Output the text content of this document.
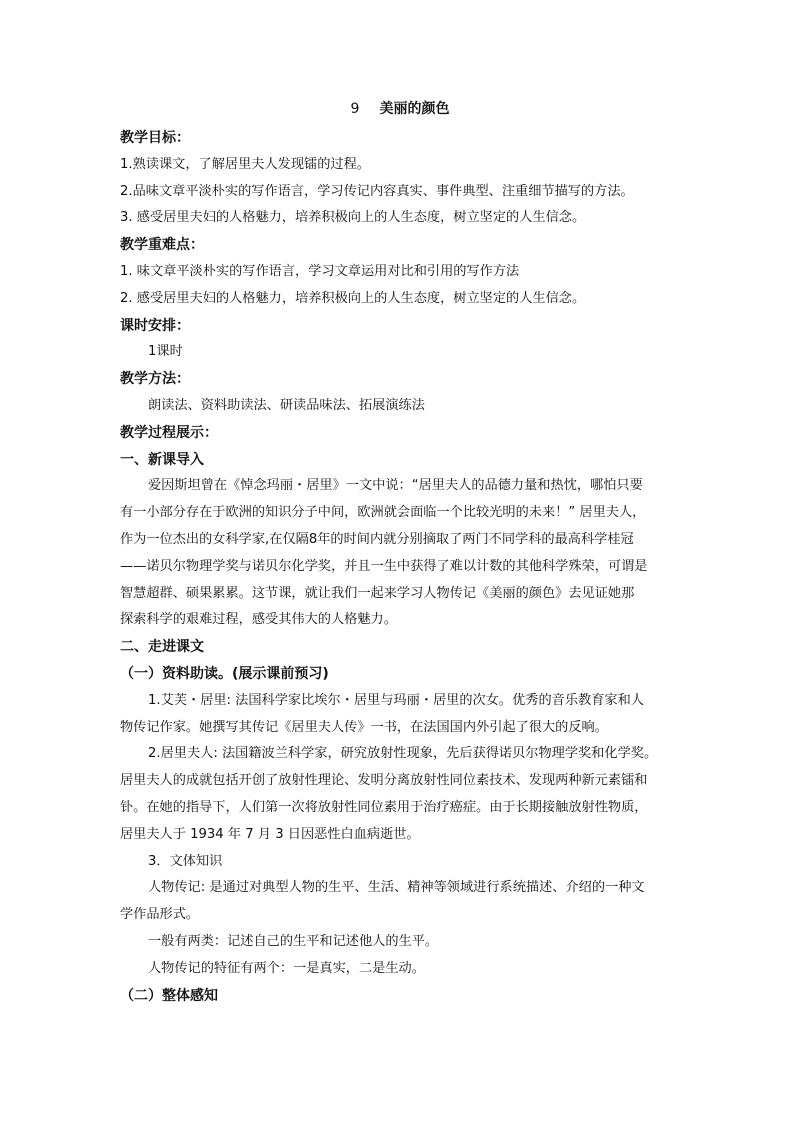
9 美丽的颜色
教学目标：
1.熟读课文，了解居里夫人发现镭的过程。
2.品味文章平淡朴实的写作语言，学习传记内容真实、事件典型、注重细节描写的方法。
3. 感受居里夫妇的人格魅力，培养积极向上的人生态度，树立坚定的人生信念。
教学重难点：
1. 味文章平淡朴实的写作语言，学习文章运用对比和引用的写作方法
2. 感受居里夫妇的人格魅力，培养积极向上的人生态度，树立坚定的人生信念。
课时安排：
1课时
教学方法：
朗读法、资料助读法、研读品味法、拓展演练法
教学过程展示：
一、新课导入
爱因斯坦曾在《悼念玛丽・居里》一文中说：“居里夫人的品德力量和热忱，哪怕只要
有一小部分存在于欧洲的知识分子中间，欧洲就会面临一个比较光明的未来！” 居里夫人，
作为一位杰出的女科学家,在仅隔8年的时间内就分别摘取了两门不同学科的最高科学桂冠
——诺贝尔物理学奖与诺贝尔化学奖，并且一生中获得了难以计数的其他科学殊荣，可谓是
智慧超群、硕果累累。这节课，就让我们一起来学习人物传记《美丽的颜色》去见证她那
探索科学的艰难过程，感受其伟大的人格魅力。
二、走进课文
（一）资料助读。(展示课前预习)
1.艾芙・居里: 法国科学家比埃尔・居里与玛丽・居里的次女。优秀的音乐教育家和人
物传记作家。她撰写其传记《居里夫人传》一书，在法国国内外引起了很大的反响。
2.居里夫人: 法国籍波兰科学家，研究放射性现象，先后获得诺贝尔物理学奖和化学奖。
居里夫人的成就包括开创了放射性理论、发明分离放射性同位素技术、发现两种新元素镭和
钋。在她的指导下，人们第一次将放射性同位素用于治疗癌症。由于长期接触放射性物质，
居里夫人于 1934 年 7 月 3 日因恶性白血病逝世。
3．文体知识
人物传记: 是通过对典型人物的生平、生活、精神等领域进行系统描述、介绍的一种文
学作品形式。
一般有两类：记述自己的生平和记述他人的生平。
人物传记的特征有两个：一是真实，二是生动。
（二）整体感知
